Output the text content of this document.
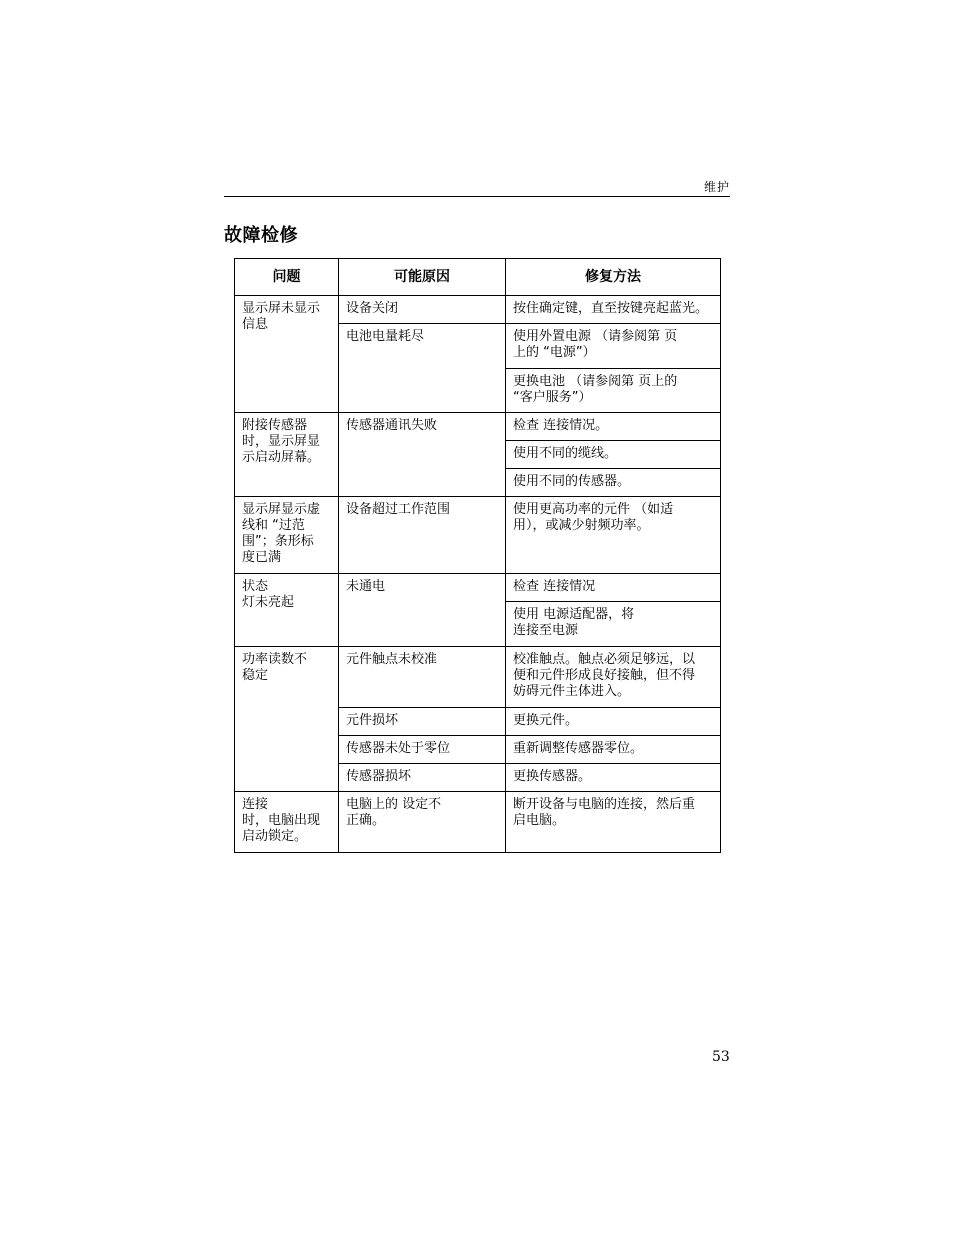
维护
故障检修
问题	可能原因	修复方法
显示屏未显示
信息	设备关闭	按住确定键，直至按键亮起蓝光。
	电池电量耗尽	使用外置电源 （请参阅第 页
上的 “电源”）
		更换电池 （请参阅第 页上的
“客户服务”）
附接传感器
时，显示屏显
示启动屏幕。	传感器通讯失败	检查 连接情况。
		使用不同的缆线。
		使用不同的传感器。
显示屏显示虚
线和 “过范
围”；条形标
度已满	设备超过工作范围	使用更高功率的元件 （如适
用），或减少射频功率。
状态
灯未亮起	未通电	检查 连接情况
		使用 电源适配器，将
连接至电源
功率读数不
稳定	元件触点未校准	校准触点。触点必须足够远，以
便和元件形成良好接触，但不得
妨碍元件主体进入。
	元件损坏	更换元件。
	传感器未处于零位	重新调整传感器零位。
	传感器损坏	更换传感器。
连接
时，电脑出现
启动锁定。	电脑上的 设定不
正确。	断开设备与电脑的连接，然后重
启电脑。
53
